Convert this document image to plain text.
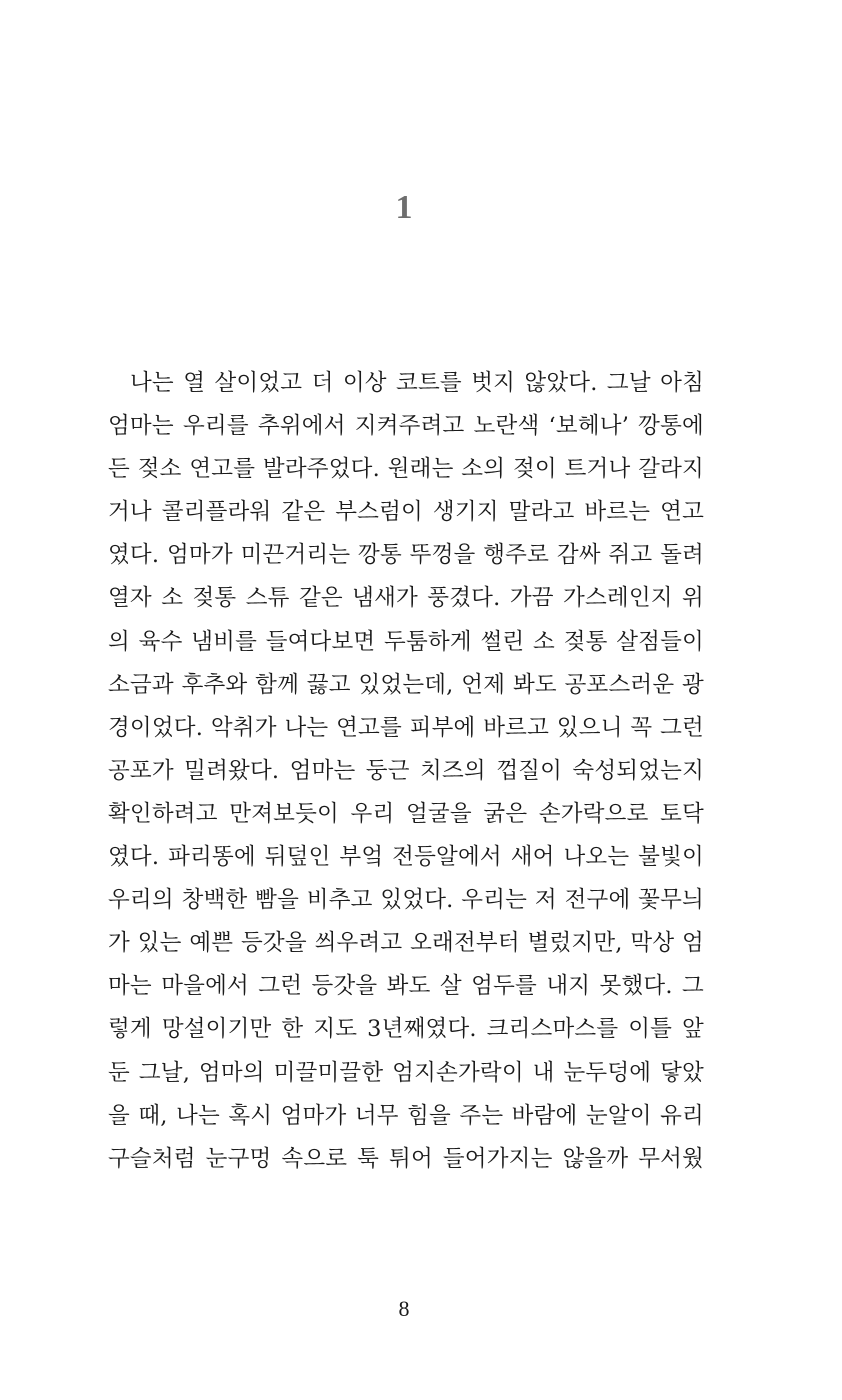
1
나는 열 살이었고 더 이상 코트를 벗지 않았다. 그날 아침
엄마는 우리를 추위에서 지켜주려고 노란색 ‘보헤나’ 깡통에
든 젖소 연고를 발라주었다. 원래는 소의 젖이 트거나 갈라지
거나 콜리플라워 같은 부스럼이 생기지 말라고 바르는 연고
였다. 엄마가 미끈거리는 깡통 뚜껑을 행주로 감싸 쥐고 돌려
열자 소 젖통 스튜 같은 냄새가 풍겼다. 가끔 가스레인지 위
의 육수 냄비를 들여다보면 두툼하게 썰린 소 젖통 살점들이
소금과 후추와 함께 끓고 있었는데, 언제 봐도 공포스러운 광
경이었다. 악취가 나는 연고를 피부에 바르고 있으니 꼭 그런
공포가 밀려왔다. 엄마는 둥근 치즈의 껍질이 숙성되었는지
확인하려고 만져보듯이 우리 얼굴을 굵은 손가락으로 토닥
였다. 파리똥에 뒤덮인 부엌 전등알에서 새어 나오는 불빛이
우리의 창백한 빰을 비추고 있었다. 우리는 저 전구에 꽃무늬
가 있는 예쁜 등갓을 씌우려고 오래전부터 별렀지만, 막상 엄
마는 마을에서 그런 등갓을 봐도 살 엄두를 내지 못했다. 그
렇게 망설이기만 한 지도 3년째였다. 크리스마스를 이틀 앞
둔 그날, 엄마의 미끌미끌한 엄지손가락이 내 눈두덩에 닿았
을 때, 나는 혹시 엄마가 너무 힘을 주는 바람에 눈알이 유리
구슬처럼 눈구멍 속으로 툭 튀어 들어가지는 않을까 무서웠
8
